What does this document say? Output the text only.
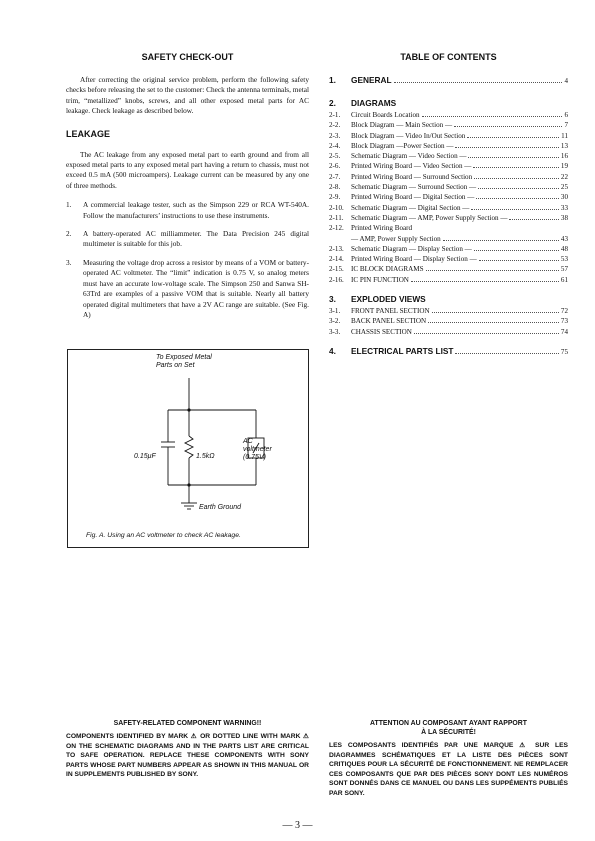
SAFETY CHECK-OUT

After correcting the original service problem, perform the following safety checks before releasing the set to the customer: Check the antenna terminals, metal trim, “metallized” knobs, screws, and all other exposed metal parts for AC leakage. Check leakage as described below.

LEAKAGE

The AC leakage from any exposed metal part to earth ground and from all exposed metal parts to any exposed metal part having a return to chassis, must not exceed 0.5 mA (500 microampers). Leakage current can be measured by any one of three methods.

1.	A commercial leakage tester, such as the Simpson 229 or RCA WT-540A. Follow the manufacturers’ instructions to use these instruments.
2.	A battery-operated AC milliammeter. The Data Precision 245 digital multimeter is suitable for this job.
3.	Measuring the voltage drop across a resistor by means of a VOM or battery-operated AC voltmeter. The “limit” indication is 0.75 V, so analog meters must have an accurate low-voltage scale. The Simpson 250 and Sanwa SH-63Trd are examples of a passive VOM that is suitable. Nearly all battery operated digital multimeters that have a 2V AC range are suitable. (See Fig. A)
To Exposed Metal
Parts on Set
0.15μF	1.5kΩ
AC
voltmeter
(0.75V)
Earth Ground
Fig. A. Using an AC voltmeter to check AC leakage.
TABLE OF CONTENTS
1.	GENERAL	4
2.	DIAGRAMS
2-1.	Circuit Boards Location	6
2-2.	Block Diagram — Main Section —	7
2-3.	Block Diagram — Video In/Out Section	11
2-4.	Block Diagram —Power Section —	13
2-5.	Schematic Diagram — Video Section —	16
2-6.	Printed Wiring Board — Video Section —	19
2-7.	Printed Wiring Board — Surround Section	22
2-8.	Schematic Diagram — Surround Section —	25
2-9.	Printed Wiring Board — Digital Section —	30
2-10.	Schematic Diagram — Digital Section —	33
2-11.	Schematic Diagram — AMP, Power Supply Section —	38
2-12.	Printed Wiring Board
— AMP, Power Supply Section	43
2-13.	Schematic Diagram — Display Section —	48
2-14.	Printed Wiring Board — Display Section —	53
2-15.	IC BLOCK DIAGRAMS	57
2-16.	IC PIN FUNCTION	61
3.	EXPLODED VIEWS
3-1.	FRONT PANEL SECTION	72
3-2.	BACK PANEL SECTION	73
3-3.	CHASSIS SECTION	74
4.	ELECTRICAL PARTS LIST	75

SAFETY-RELATED COMPONENT WARNING!!

COMPONENTS IDENTIFIED BY MARK ⚠ OR DOTTED LINE WITH MARK ⚠ ON THE SCHEMATIC DIAGRAMS AND IN THE PARTS LIST ARE CRITICAL TO SAFE OPERATION. REPLACE THESE COMPONENTS WITH SONY PARTS WHOSE PART NUMBERS APPEAR AS SHOWN IN THIS MANUAL OR IN SUPPLEMENTS PUBLISHED BY SONY.

ATTENTION AU COMPOSANT AYANT RAPPORT

À LA SÉCURITÉ!

LES COMPOSANTS IDENTIFIÉS PAR UNE MARQUE ⚠ SUR LES DIAGRAMMES SCHÉMATIQUES ET LA LISTE DES PIÈCES SONT CRITIQUES POUR LA SÉCURITÉ DE FONCTIONNEMENT. NE REMPLACER CES COMPOSANTS QUE PAR DES PIÈCES SONY DONT LES NUMÉROS SONT DONNÉS DANS CE MANUEL OU DANS LES SUPPÉMENTS PUBLIÉS PAR SONY.

— 3 —
